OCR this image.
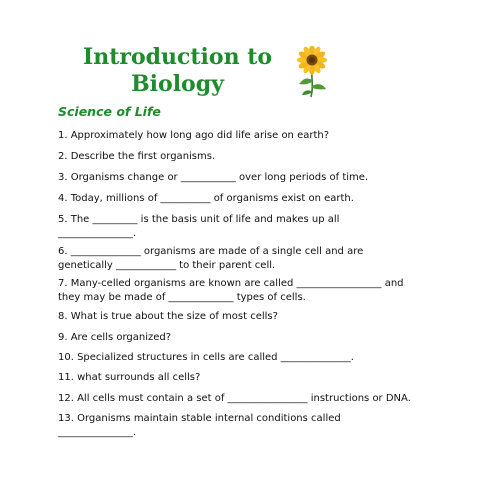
Introduction to
Biology

Science of Life

1. Approximately how long ago did life arise on earth?

2. Describe the first organisms.

3. Organisms change or ___________ over long periods of time.

4. Today, millions of __________ of organisms exist on earth.

5. The _________ is the basis unit of life and makes up all

_______________.

6. ______________ organisms are made of a single cell and are

genetically ____________ to their parent cell.

7. Many-celled organisms are known are called _________________ and

they may be made of _____________ types of cells.

8. What is true about the size of most cells?

9. Are cells organized?

10. Specialized structures in cells are called ______________.

11. what surrounds all cells?

12. All cells must contain a set of ________________ instructions or DNA.

13. Organisms maintain stable internal conditions called

_______________.
